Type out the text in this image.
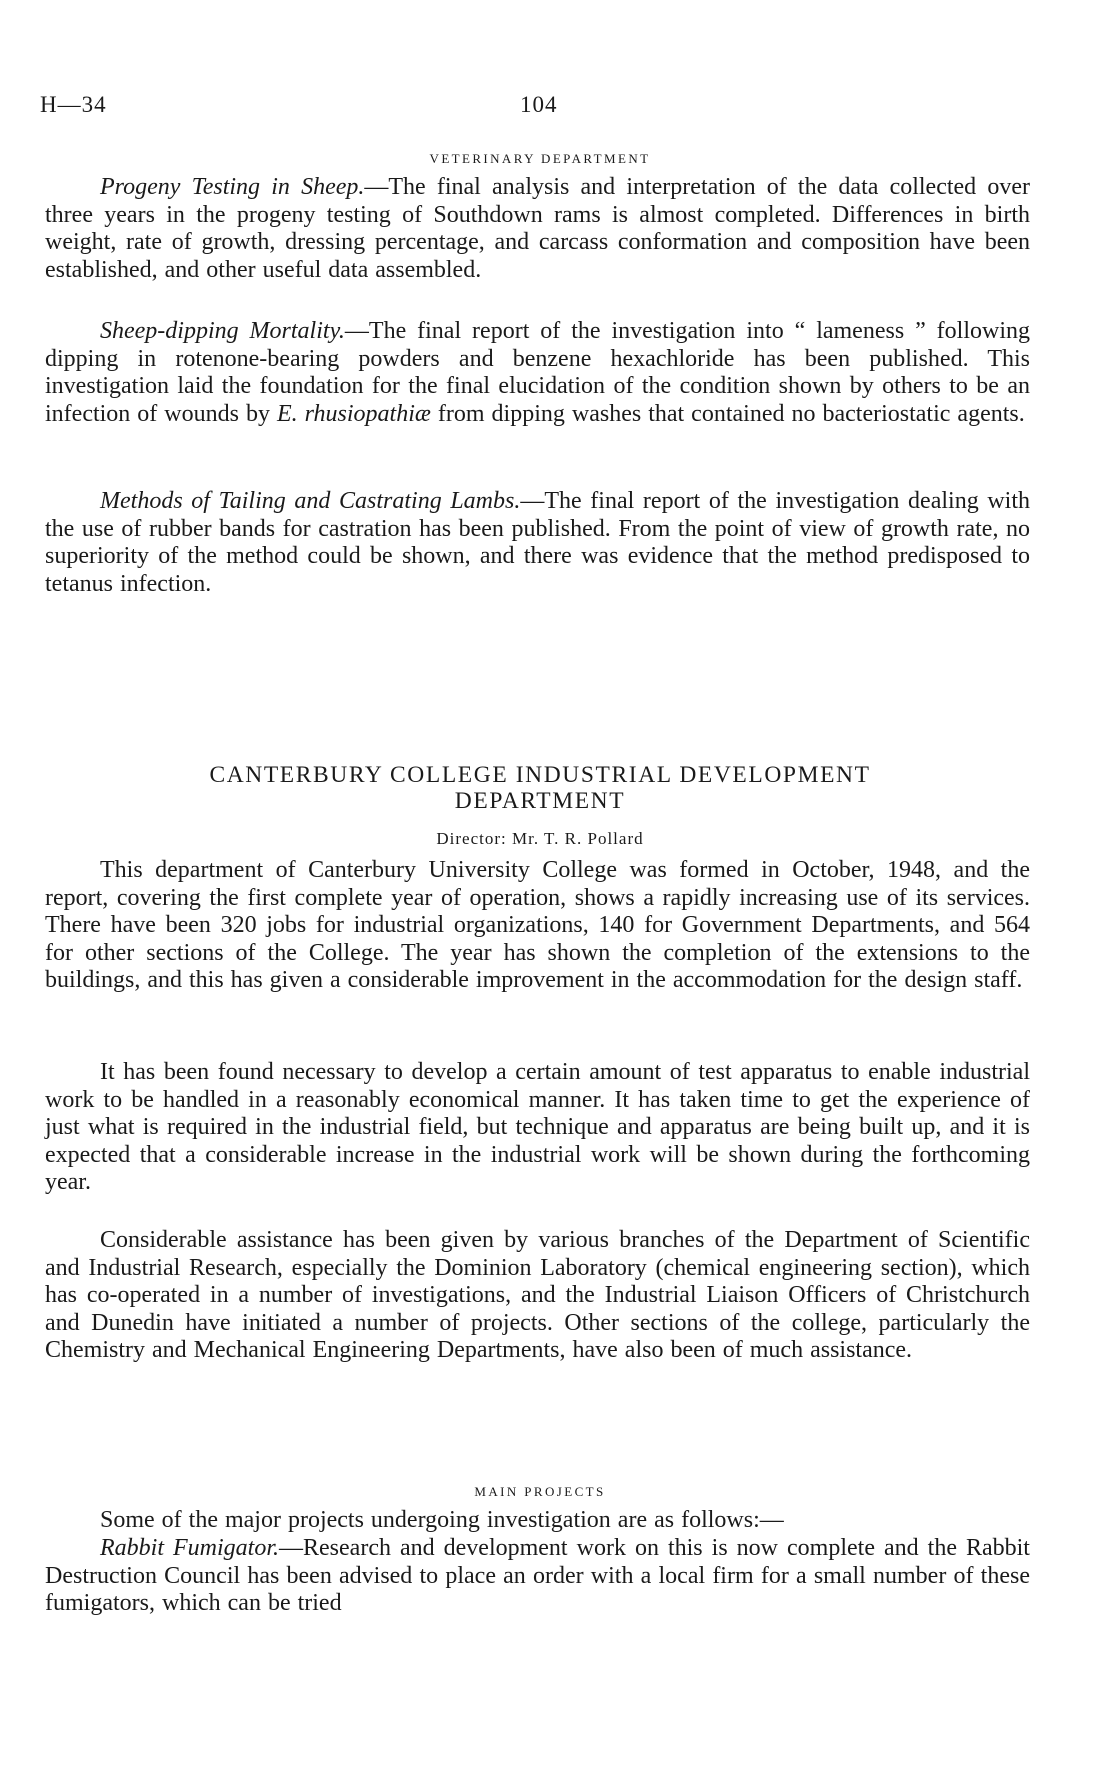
H—34	104
VETERINARY DEPARTMENT

Progeny Testing in Sheep.—The final analysis and interpretation of the data collected over three years in the progeny testing of Southdown rams is almost completed. Differences in birth weight, rate of growth, dressing percentage, and carcass conformation and composition have been established, and other useful data assembled.

Sheep-dipping Mortality.—The final report of the investigation into “ lameness ” following dipping in rotenone-bearing powders and benzene hexachloride has been published. This investigation laid the foundation for the final elucidation of the condition shown by others to be an infection of wounds by E. rhusiopathiæ from dipping washes that contained no bacteriostatic agents.

Methods of Tailing and Castrating Lambs.—The final report of the investigation dealing with the use of rubber bands for castration has been published. From the point of view of growth rate, no superiority of the method could be shown, and there was evidence that the method predisposed to tetanus infection.

CANTERBURY COLLEGE INDUSTRIAL DEVELOPMENT
DEPARTMENT
Director: Mr. T. R. Pollard

This department of Canterbury University College was formed in October, 1948, and the report, covering the first complete year of operation, shows a rapidly increasing use of its services. There have been 320 jobs for industrial organizations, 140 for Government Departments, and 564 for other sections of the College. The year has shown the completion of the extensions to the buildings, and this has given a considerable improvement in the accommodation for the design staff.

It has been found necessary to develop a certain amount of test apparatus to enable industrial work to be handled in a reasonably economical manner. It has taken time to get the experience of just what is required in the industrial field, but technique and apparatus are being built up, and it is expected that a considerable increase in the industrial work will be shown during the forthcoming year.

Considerable assistance has been given by various branches of the Department of Scientific and Industrial Research, especially the Dominion Laboratory (chemical engineering section), which has co-operated in a number of investigations, and the Industrial Liaison Officers of Christchurch and Dunedin have initiated a number of projects. Other sections of the college, particularly the Chemistry and Mechanical Engineering Departments, have also been of much assistance.

MAIN PROJECTS

Some of the major projects undergoing investigation are as follows:—

Rabbit Fumigator.—Research and development work on this is now complete and the Rabbit Destruction Council has been advised to place an order with a local firm for a small number of these fumigators, which can be tried
